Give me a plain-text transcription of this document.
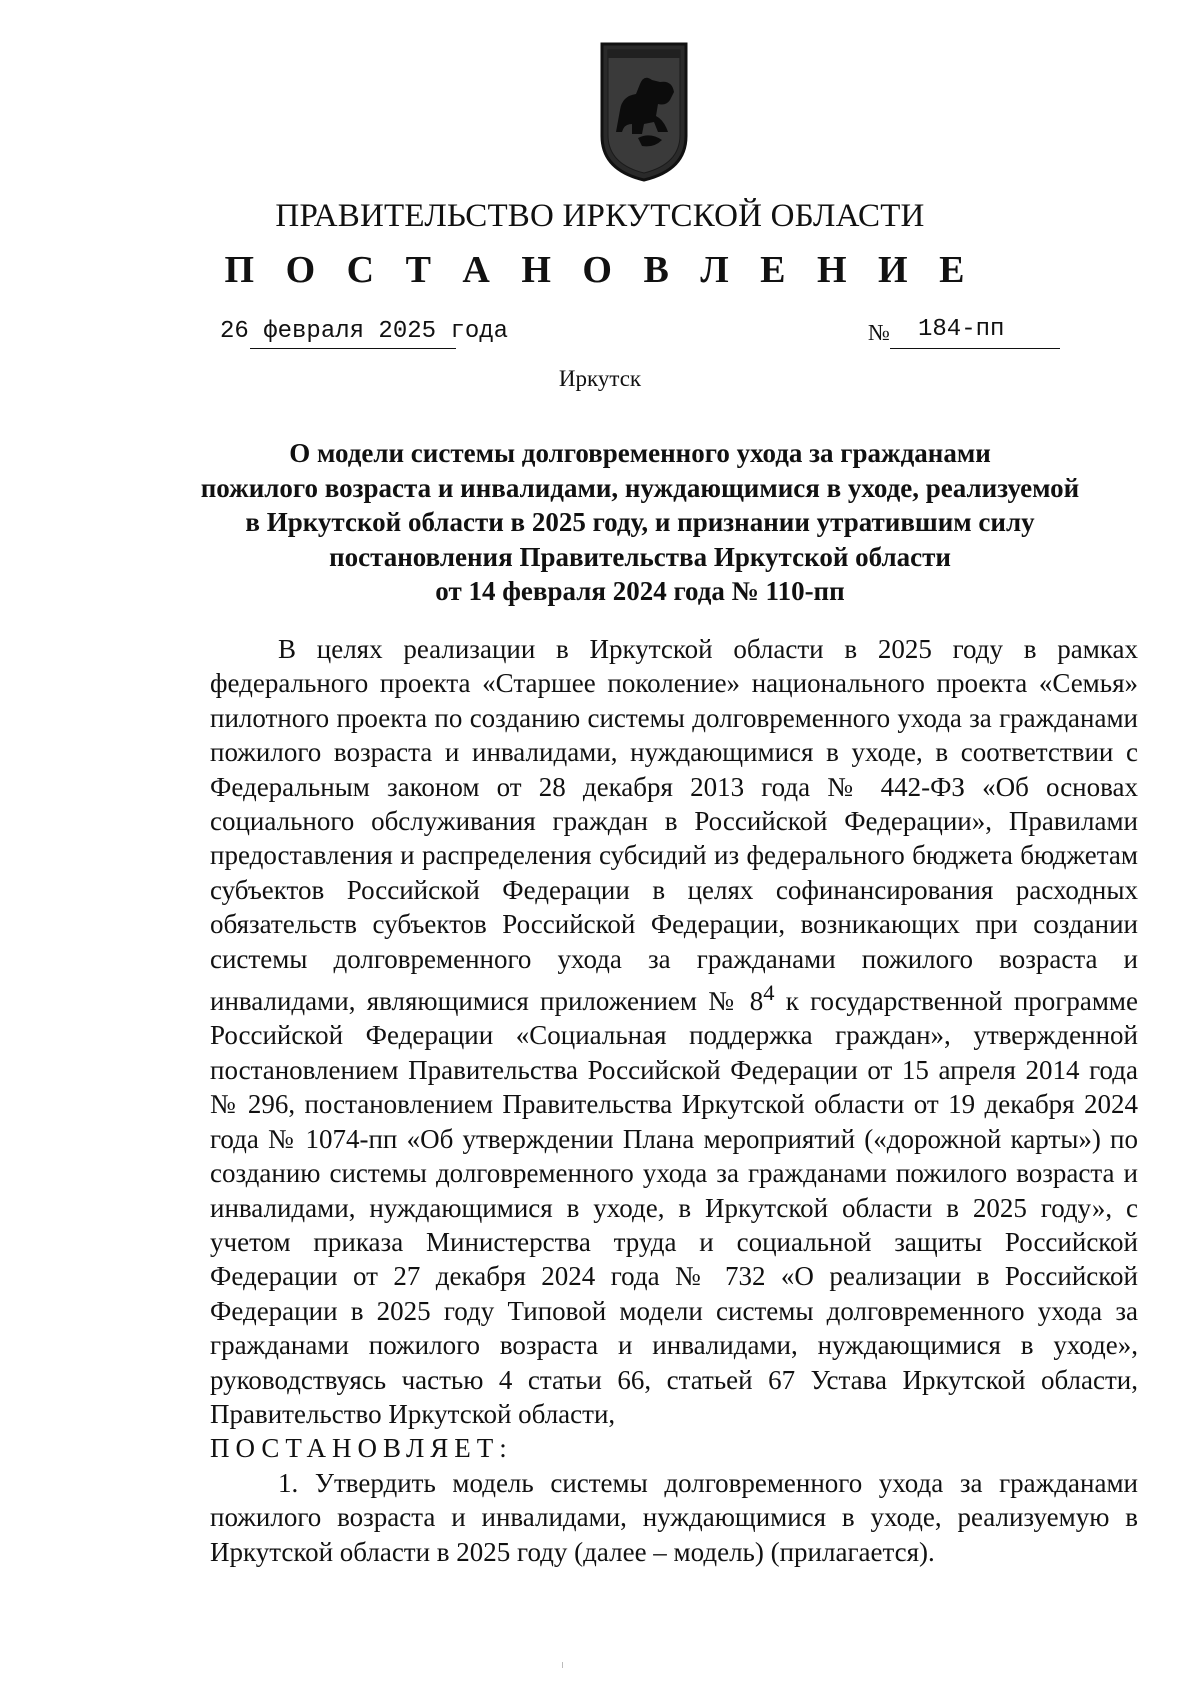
ПРАВИТЕЛЬСТВО ИРКУТСКОЙ ОБЛАСТИ
П О С Т А Н О В Л Е Н И Е
26 февраля 2025 года	№ 184-пп
Иркутск
О модели системы долговременного ухода за гражданами
пожилого возраста и инвалидами, нуждающимися в уходе, реализуемой
в Иркутской области в 2025 году, и признании утратившим силу
постановления Правительства Иркутской области
от 14 февраля 2024 года № 110-пп

В целях реализации в Иркутской области в 2025 году в рамках федерального проекта «Старшее поколение» национального проекта «Семья» пилотного проекта по созданию системы долговременного ухода за гражданами пожилого возраста и инвалидами, нуждающимися в уходе, в соответствии с Федеральным законом от 28 декабря 2013 года № 442-ФЗ «Об основах социального обслуживания граждан в Российской Федерации», Правилами предоставления и распределения субсидий из федерального бюджета бюджетам субъектов Российской Федерации в целях софинансирования расходных обязательств субъектов Российской Федерации, возникающих при создании системы долговременного ухода за гражданами пожилого возраста и инвалидами, являющимися приложением № $8^4$ к государственной программе Российской Федерации «Социальная поддержка граждан», утвержденной постановлением Правительства Российской Федерации от 15 апреля 2014 года № 296, постановлением Правительства Иркутской области от 19 декабря 2024 года № 1074-пп «Об утверждении Плана мероприятий («дорожной карты») по созданию системы долговременного ухода за гражданами пожилого возраста и инвалидами, нуждающимися в уходе, в Иркутской области в 2025 году», с учетом приказа Министерства труда и социальной защиты Российской Федерации от 27 декабря 2024 года № 732 «О реализации в Российской Федерации в 2025 году Типовой модели системы долговременного ухода за гражданами пожилого возраста и инвалидами, нуждающимися в уходе», руководствуясь частью 4 статьи 66, статьей 67 Устава Иркутской области, Правительство Иркутской области,

ПОСТАНОВЛЯЕТ:

1. Утвердить модель системы долговременного ухода за гражданами пожилого возраста и инвалидами, нуждающимися в уходе, реализуемую в Иркутской области в 2025 году (далее – модель) (прилагается).
